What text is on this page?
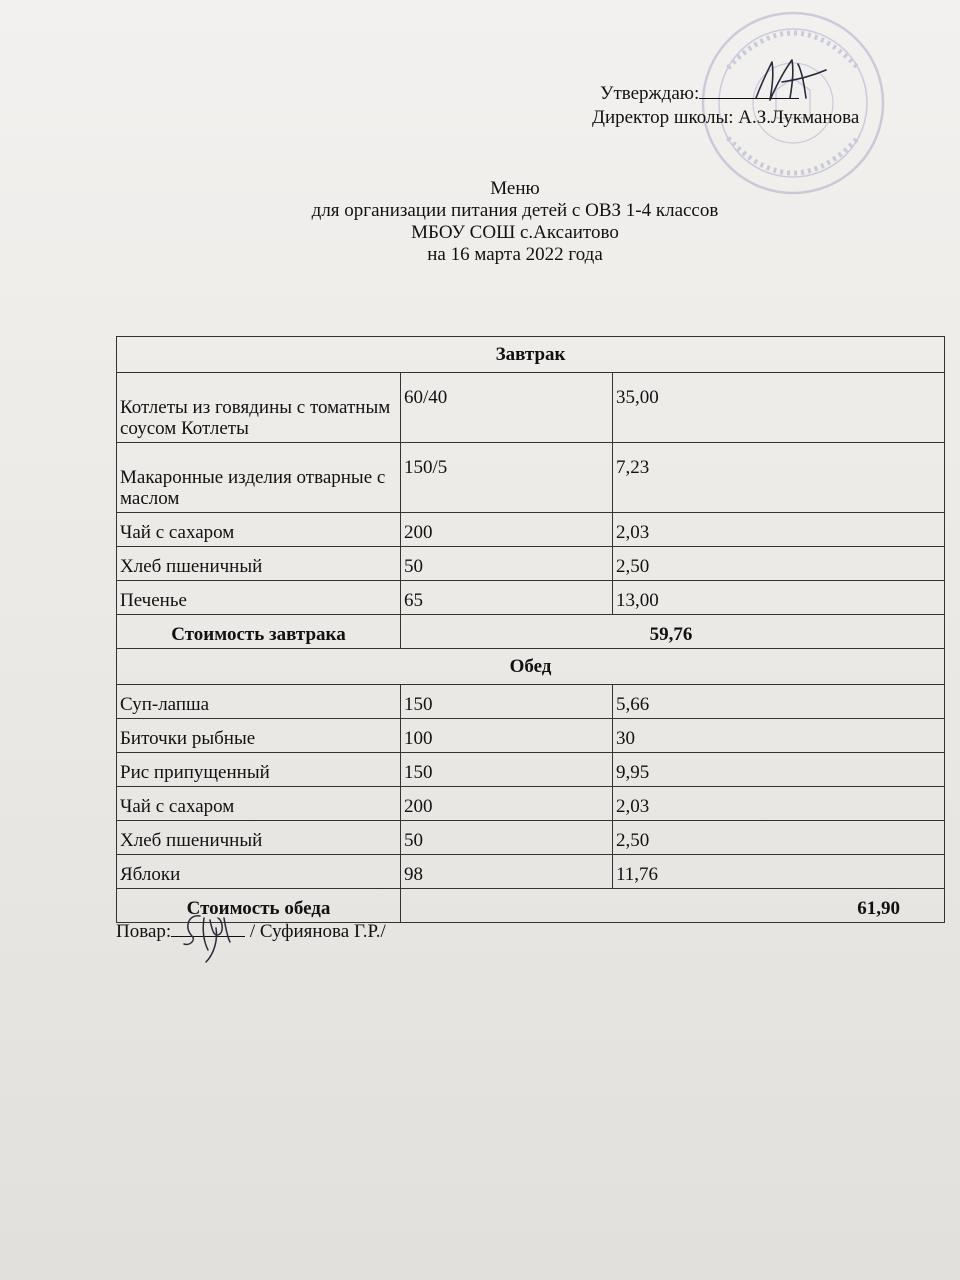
Утверждаю:
Директор школы: А.З.Лукманова
Меню
для организации питания детей с ОВЗ 1-4 классов
МБОУ СОШ с.Аксаитово
на 16 марта 2022 года
Завтрак		
Котлеты из говядины с томатным соусом Котлеты	60/40	35,00
Макаронные изделия отварные с маслом	150/5	7,23
Чай с сахаром	200	2,03
Хлеб пшеничный	50	2,50
Печенье	65	13,00
Стоимость завтрака	59,76	
Обед		
Суп-лапша	150	5,66
Биточки рыбные	100	30
Рис припущенный	150	9,95
Чай с сахаром	200	2,03
Хлеб пшеничный	50	2,50
Яблоки	98	11,76
Стоимость обеда	61,90	
Повар:	/ Суфиянова Г.Р./
